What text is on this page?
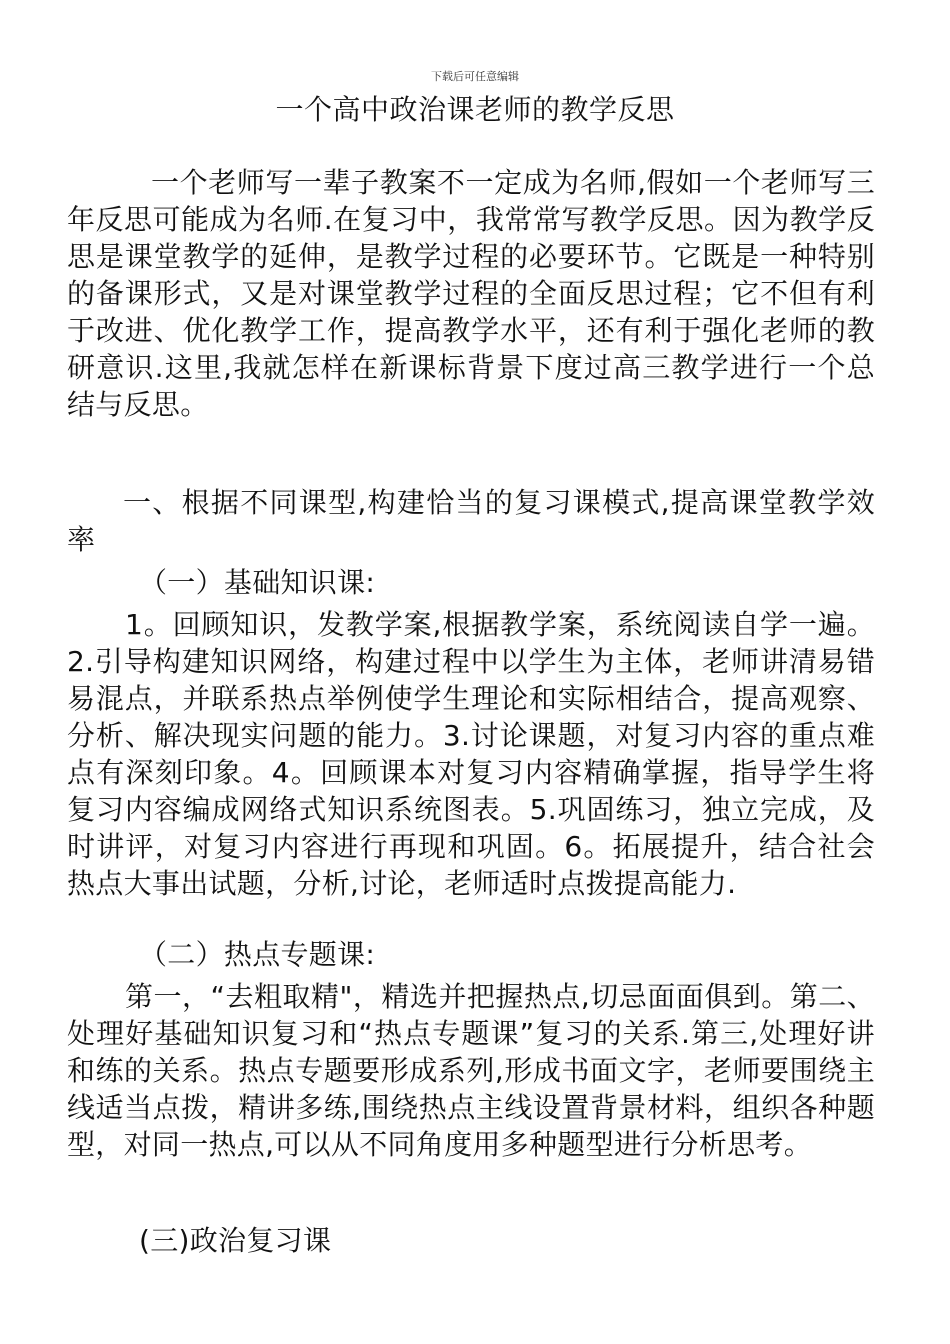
下载后可任意编辑
一个高中政治课老师的教学反思

一个老师写一辈子教案不一定成为名师,假如一个老师写三年反思可能成为名师.在复习中，我常常写教学反思。因为教学反思是课堂教学的延伸，是教学过程的必要环节。它既是一种特别的备课形式，又是对课堂教学过程的全面反思过程；它不但有利于改进、优化教学工作，提高教学水平，还有利于强化老师的教研意识.这里,我就怎样在新课标背景下度过高三教学进行一个总结与反思。

一、根据不同课型,构建恰当的复习课模式,提高课堂教学效率

（一）基础知识课:

1。回顾知识，发教学案,根据教学案，系统阅读自学一遍。2.引导构建知识网络，构建过程中以学生为主体，老师讲清易错易混点，并联系热点举例使学生理论和实际相结合，提高观察、分析、解决现实问题的能力。3.讨论课题，对复习内容的重点难点有深刻印象。4。回顾课本对复习内容精确掌握，指导学生将复习内容编成网络式知识系统图表。5.巩固练习，独立完成，及时讲评，对复习内容进行再现和巩固。6。拓展提升，结合社会热点大事出试题，分析,讨论，老师适时点拨提高能力.

（二）热点专题课:

第一，“去粗取精"，精选并把握热点,切忌面面俱到。第二、处理好基础知识复习和“热点专题课”复习的关系.第三,处理好讲和练的关系。热点专题要形成系列,形成书面文字，老师要围绕主线适当点拨，精讲多练,围绕热点主线设置背景材料，组织各种题型，对同一热点,可以从不同角度用多种题型进行分析思考。

(三)政治复习课
